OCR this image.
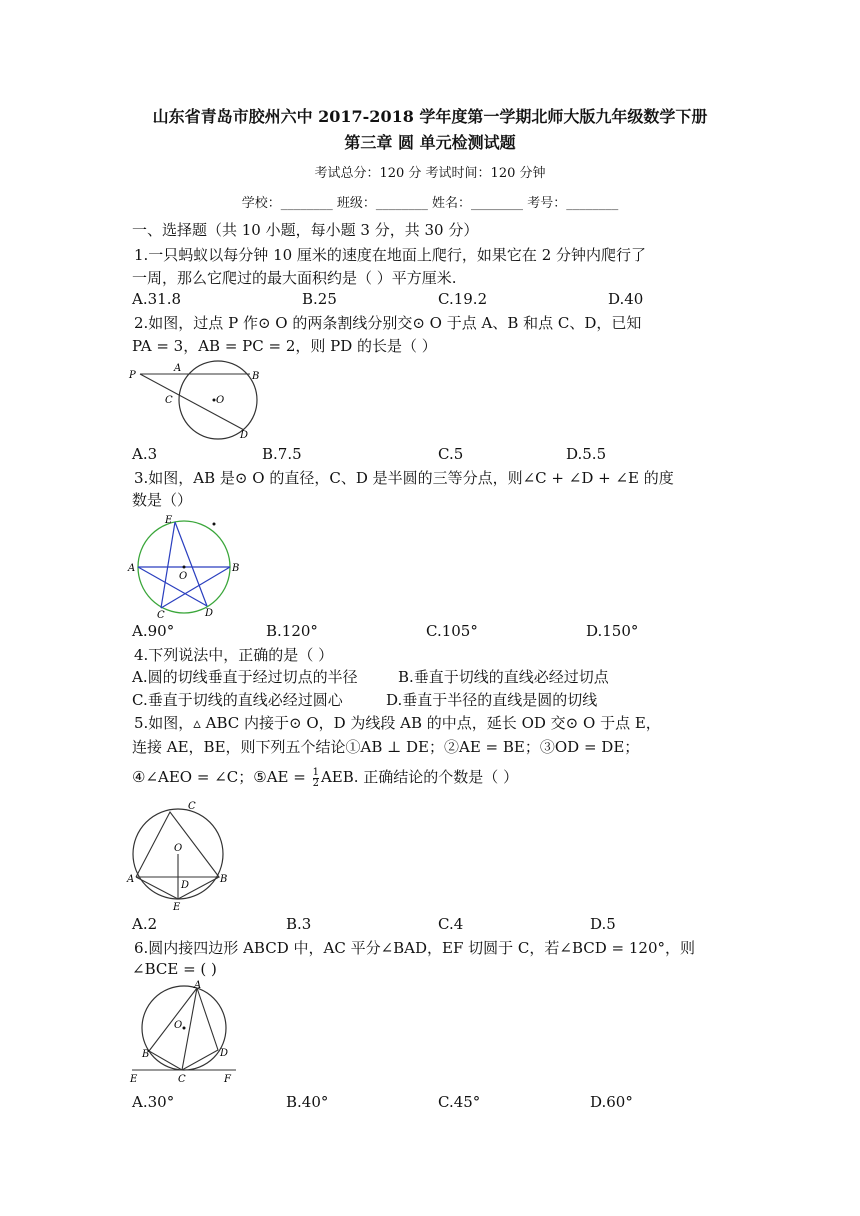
山东省青岛市胶州六中 2017-2018 学年度第一学期北师大版九年级数学下册
第三章 圆 单元检测试题
考试总分：120 分 考试时间：120 分钟
学校：________ 班级：________ 姓名：________ 考号：________
一、选择题（共 10 小题，每小题 3 分，共 30 分）
1.一只蚂蚁以每分钟 10 厘米的速度在地面上爬行，如果它在 2 分钟内爬行了
一周，那么它爬过的最大面积约是（ ）平方厘米.
A.31.8	B.25	C.19.2	D.40
2.如图，过点 P 作⊙ O 的两条割线分别交⊙ O 于点 A、B 和点 C、D，已知
PA = 3，AB = PC = 2，则 PD 的长是（ ）
P
A
B
C	O
D
A.3	B.7.5	C.5	D.5.5
3.如图，AB 是⊙ O 的直径，C、D 是半圆的三等分点，则∠C + ∠D + ∠E 的度
数是（）
E
A
O
B
C	D
A.90°	B.120°	C.105°	D.150°
4.下列说法中，正确的是（ ）
A.圆的切线垂直于经过切点的半径	B.垂直于切线的直线必经过切点
C.垂直于切线的直线必经过圆心	D.垂直于半径的直线是圆的切线
5.如图，▵ ABC 内接于⊙ O，D 为线段 AB 的中点，延长 OD 交⊙ O 于点 E，
连接 AE，BE，则下列五个结论①AB ⊥ DE；②AE = BE；③OD = DE；
④∠AEO = ∠C；⑤AE = $\frac{1}{2}$ AEB. 正确结论的个数是（ ）
C
O
A
D
B
E
A.2	B.3	C.4	D.5
6.圆内接四边形 ABCD 中，AC 平分∠BAD，EF 切圆于 C，若∠BCD = 120°，则
∠BCE = ( )
A
O
B	D
E	C	F
A.30°	B.40°	C.45°	D.60°
